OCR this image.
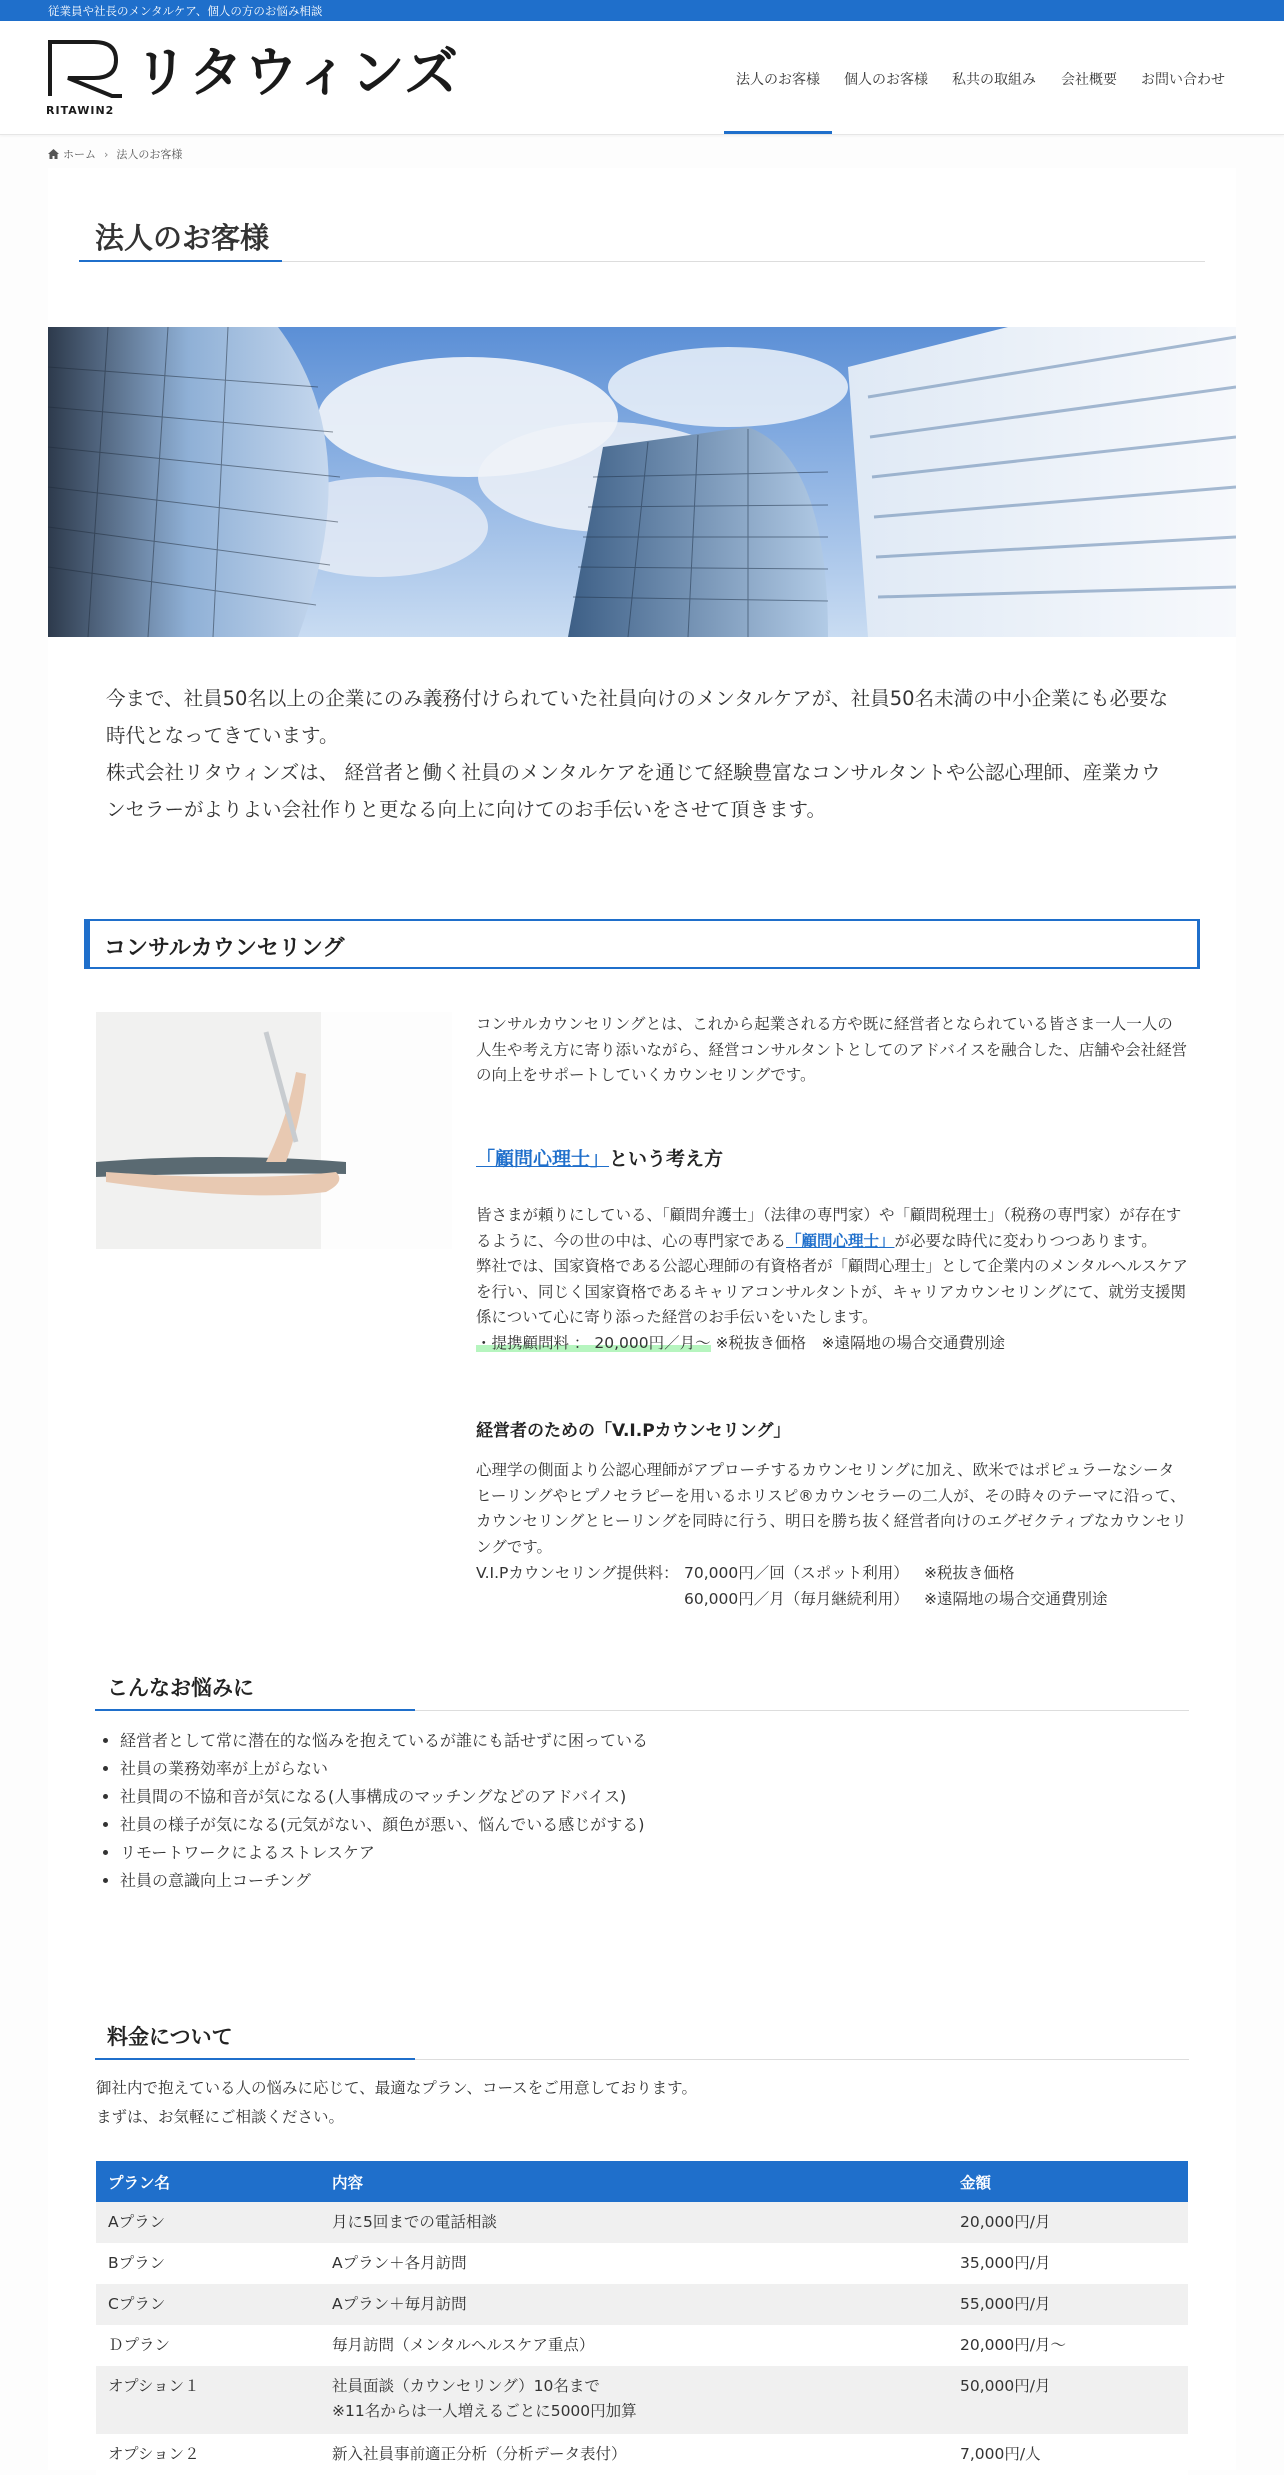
従業員や社長のメンタルケア、個人の方のお悩み相談
リタウィンズ
RITAWIN2
法人のお客様 個人のお客様 私共の取組み 会社概要 お問い合わせ
ホーム › 法人のお客様
法人のお客様

今まで、社員50名以上の企業にのみ義務付けられていた社員向けのメンタルケアが、社員50名未満の中小企業にも必要な時代となってきています。

株式会社リタウィンズは、 経営者と働く社員のメンタルケアを通じて経験豊富なコンサルタントや公認心理師、産業カウンセラーがよりよい会社作りと更なる向上に向けてのお手伝いをさせて頂きます。

コンサルカウンセリング

コンサルカウンセリングとは、これから起業される方や既に経営者となられている皆さま一人一人の人生や考え方に寄り添いながら、経営コンサルタントとしてのアドバイスを融合した、店舗や会社経営の向上をサポートしていくカウンセリングです。

「顧問心理士」という考え方

皆さまが頼りにしている、「顧問弁護士」（法律の専門家）や「顧問税理士」（税務の専門家）が存在するように、今の世の中は、心の専門家である「顧問心理士」が必要な時代に変わりつつあります。

弊社では、国家資格である公認心理師の有資格者が「顧問心理士」として企業内のメンタルヘルスケアを行い、同じく国家資格であるキャリアコンサルタントが、キャリアカウンセリングにて、就労支援関係について心に寄り添った経営のお手伝いをいたします。

・提携顧問料 ： 20,000円／月〜 ※税抜き価格　※遠隔地の場合交通費別途

経営者のための「V.I.Pカウンセリング」

心理学の側面より公認心理師がアプローチするカウンセリングに加え、欧米ではポピュラーなシータヒーリングやヒプノセラピーを用いるホリスピ®カウンセラーの二人が、その時々のテーマに沿って、カウンセリングとヒーリングを同時に行う、明日を勝ち抜く経営者向けのエグゼクティブなカウンセリングです。

V.I.Pカウンセリング提供料： 70,000円／回（スポット利用） ※税抜き価格
60,000円／月（毎月継続利用） ※遠隔地の場合交通費別途
こんなお悩みに
• 経営者として常に潜在的な悩みを抱えているが誰にも話せずに困っている
• 社員の業務効率が上がらない
• 社員間の不協和音が気になる(人事構成のマッチングなどのアドバイス)
• 社員の様子が気になる(元気がない、顔色が悪い、悩んでいる感じがする)
• リモートワークによるストレスケア
• 社員の意識向上コーチング
料金について

御社内で抱えている人の悩みに応じて、最適なプラン、コースをご用意しております。

まずは、お気軽にご相談ください。

プラン名	内容	金額
Aプラン	月に5回までの電話相談	20,000円/月
Bプラン	Aプラン＋各月訪問	35,000円/月
Cプラン	Aプラン＋毎月訪問	55,000円/月
Ｄプラン	毎月訪問（メンタルヘルスケア重点）	20,000円/月〜
オプション１	社員面談（カウンセリング）10名まで
※11名からは一人増えるごとに5000円加算	50,000円/月
オプション２	新入社員事前適正分析（分析データ表付）	7,000円/人
